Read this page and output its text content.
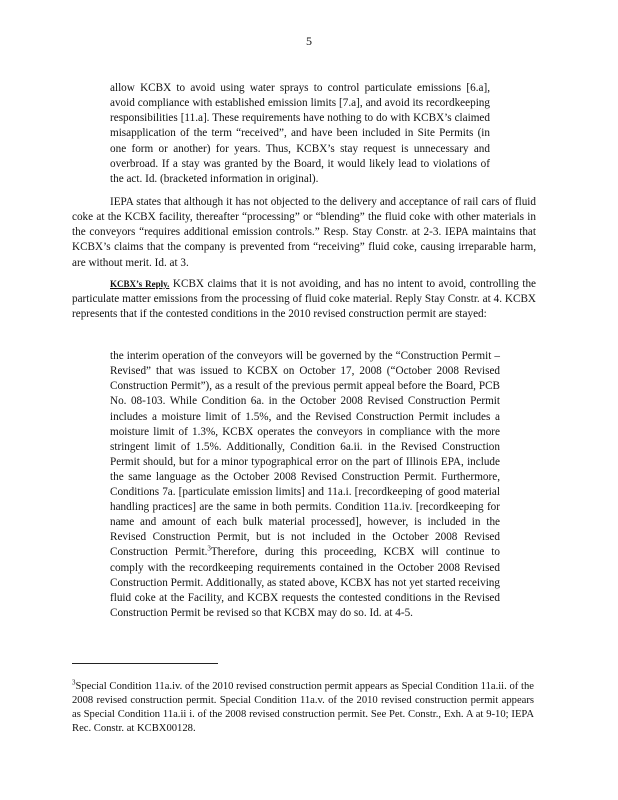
5

allow KCBX to avoid using water sprays to control particulate emissions [6.a], avoid compliance with established emission limits [7.a], and avoid its recordkeeping responsibilities [11.a]. These requirements have nothing to do with KCBX’s claimed misapplication of the term “received”, and have been included in Site Permits (in one form or another) for years. Thus, KCBX’s stay request is unnecessary and overbroad. If a stay was granted by the Board, it would likely lead to violations of the act. Id. (bracketed information in original).

IEPA states that although it has not objected to the delivery and acceptance of rail cars of fluid coke at the KCBX facility, thereafter “processing” or “blending” the fluid coke with other materials in the conveyors “requires additional emission controls.” Resp. Stay Constr. at 2-3. IEPA maintains that KCBX’s claims that the company is prevented from “receiving” fluid coke, causing irreparable harm, are without merit. Id. at 3.

KCBX’s Reply. KCBX claims that it is not avoiding, and has no intent to avoid, controlling the particulate matter emissions from the processing of fluid coke material. Reply Stay Constr. at 4. KCBX represents that if the contested conditions in the 2010 revised construction permit are stayed:

the interim operation of the conveyors will be governed by the “Construction Permit – Revised” that was issued to KCBX on October 17, 2008 (“October 2008 Revised Construction Permit”), as a result of the previous permit appeal before the Board, PCB No. 08-103. While Condition 6a. in the October 2008 Revised Construction Permit includes a moisture limit of 1.5%, and the Revised Construction Permit includes a moisture limit of 1.3%, KCBX operates the conveyors in compliance with the more stringent limit of 1.5%. Additionally, Condition 6a.ii. in the Revised Construction Permit should, but for a minor typographical error on the part of Illinois EPA, include the same language as the October 2008 Revised Construction Permit. Furthermore, Conditions 7a. [particulate emission limits] and 11a.i. [recordkeeping of good material handling practices] are the same in both permits. Condition 11a.iv. [recordkeeping for name and amount of each bulk material processed], however, is included in the Revised Construction Permit, but is not included in the October 2008 Revised Construction Permit.$^3$Therefore, during this proceeding, KCBX will continue to comply with the recordkeeping requirements contained in the October 2008 Revised Construction Permit. Additionally, as stated above, KCBX has not yet started receiving fluid coke at the Facility, and KCBX requests the contested conditions in the Revised Construction Permit be revised so that KCBX may do so. Id. at 4-5.

$^3$Special Condition 11a.iv. of the 2010 revised construction permit appears as Special Condition 11a.ii. of the 2008 revised construction permit. Special Condition 11a.v. of the 2010 revised construction permit appears as Special Condition 11a.ii i. of the 2008 revised construction permit. See Pet. Constr., Exh. A at 9-10; IEPA Rec. Constr. at KCBX00128.
